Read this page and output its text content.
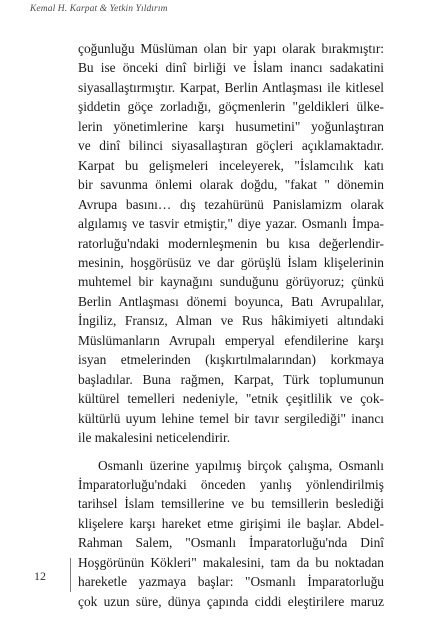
Kemal H. Karpat & Yetkin Yıldırım
çoğunluğu Müslüman olan bir yapı olarak bırakmıştır:
Bu ise önceki dinî birliği ve İslam inancı sadakatini
siyasallaştırmıştır. Karpat, Berlin Antlaşması ile kitlesel
şiddetin göçe zorladığı, göçmenlerin "geldikleri ülke-
lerin yönetimlerine karşı husumetini" yoğunlaştıran
ve dinî bilinci siyasallaştıran göçleri açıklamaktadır.
Karpat bu gelişmeleri inceleyerek, "İslamcılık katı
bir savunma önlemi olarak doğdu, "fakat " dönemin
Avrupa basını… dış tezahürünü Panislamizm olarak
algılamış ve tasvir etmiştir," diye yazar. Osmanlı İmpa-
ratorluğu'ndaki modernleşmenin bu kısa değerlendir-
mesinin, hoşgörüsüz ve dar görüşlü İslam klişelerinin
muhtemel bir kaynağını sunduğunu görüyoruz; çünkü
Berlin Antlaşması dönemi boyunca, Batı Avrupalılar,
İngiliz, Fransız, Alman ve Rus hâkimiyeti altındaki
Müslümanların Avrupalı emperyal efendilerine karşı
isyan etmelerinden (kışkırtılmalarından) korkmaya
başladılar. Buna rağmen, Karpat, Türk toplumunun
kültürel temelleri nedeniyle, "etnik çeşitlilik ve çok-
kültürlü uyum lehine temel bir tavır sergilediği" inancı
ile makalesini neticelendirir.
Osmanlı üzerine yapılmış birçok çalışma, Osmanlı
İmparatorluğu'ndaki önceden yanlış yönlendirilmiş
tarihsel İslam temsillerine ve bu temsillerin beslediği
klişelere karşı hareket etme girişimi ile başlar. Abdel-
Rahman Salem, "Osmanlı İmparatorluğu'nda Dinî
Hoşgörünün Kökleri" makalesini, tam da bu noktadan
hareketle yazmaya başlar: "Osmanlı İmparatorluğu
çok uzun süre, dünya çapında ciddi eleştirilere maruz
12
